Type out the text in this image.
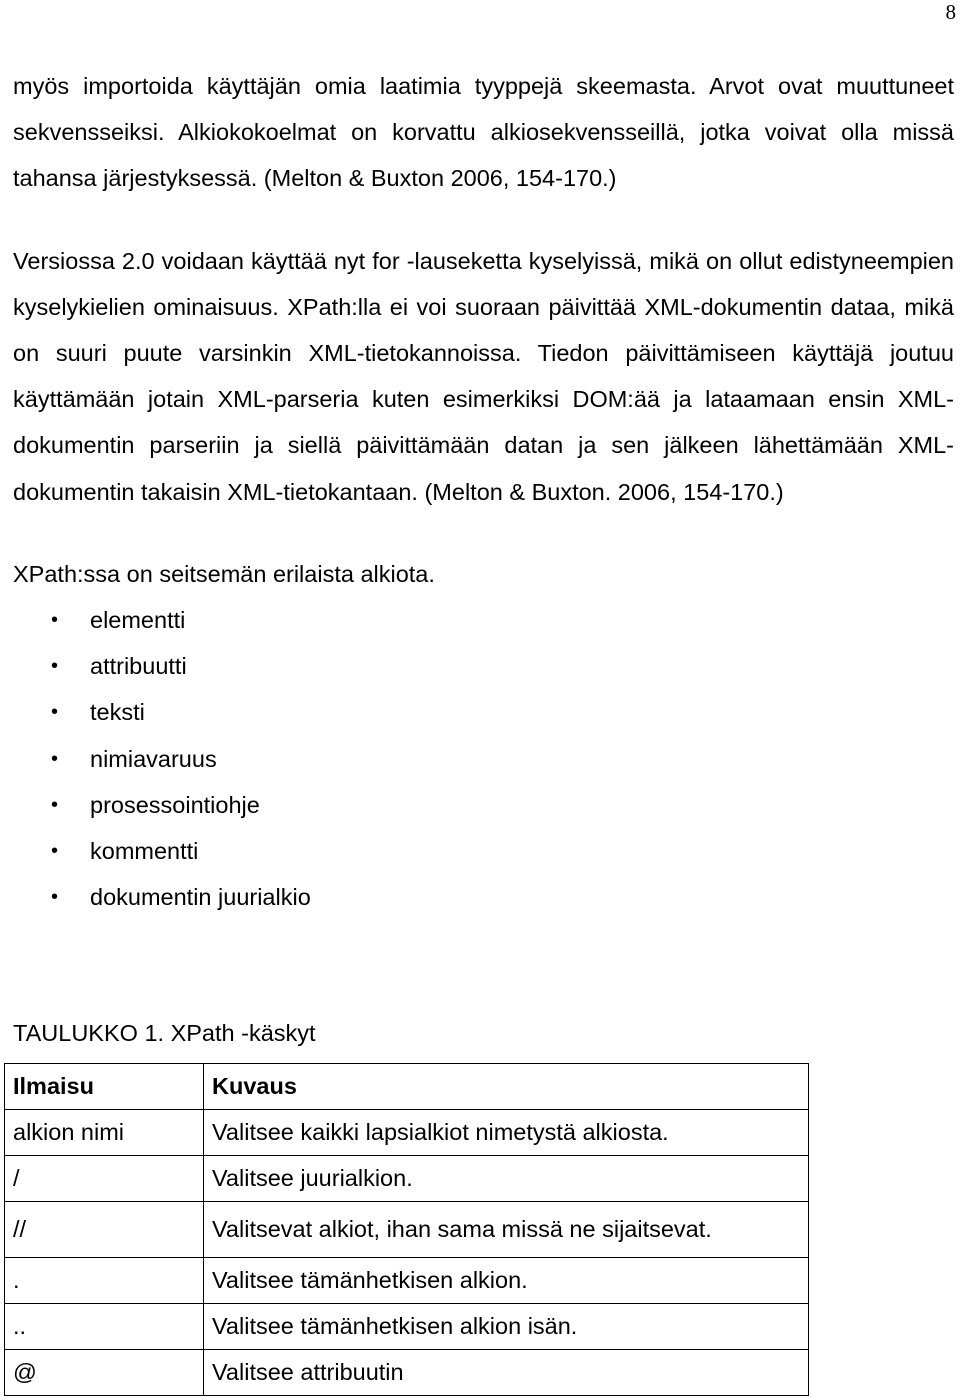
8

myös importoida käyttäjän omia laatimia tyyppejä skeemasta. Arvot ovat muuttuneet sekvensseiksi. Alkiokokoelmat on korvattu alkiosekvensseillä, jotka voivat olla missä tahansa järjestyksessä. (Melton & Buxton 2006, 154-170.)

Versiossa 2.0 voidaan käyttää nyt for -lauseketta kyselyissä, mikä on ollut edistyneempien kyselykielien ominaisuus. XPath:lla ei voi suoraan päivittää XML-dokumentin dataa, mikä on suuri puute varsinkin XML-tietokannoissa. Tiedon päivittämiseen käyttäjä joutuu käyttämään jotain XML-parseria kuten esimerkiksi DOM:ää ja lataamaan ensin XML-dokumentin parseriin ja siellä päivittämään datan ja sen jälkeen lähettämään XML-dokumentin takaisin XML-tietokantaan. (Melton & Buxton. 2006, 154-170.)

XPath:ssa on seitsemän erilaista alkiota.

• elementti
• attribuutti
• teksti
• nimiavaruus
• prosessointiohje
• kommentti
• dokumentin juurialkio

TAULUKKO 1. XPath -käskyt

Ilmaisu	Kuvaus
alkion nimi	Valitsee kaikki lapsialkiot nimetystä alkiosta.
/	Valitsee juurialkion.
//	Valitsevat alkiot, ihan sama missä ne sijaitsevat.
.	Valitsee tämänhetkisen alkion.
..	Valitsee tämänhetkisen alkion isän.
@	Valitsee attribuutin
